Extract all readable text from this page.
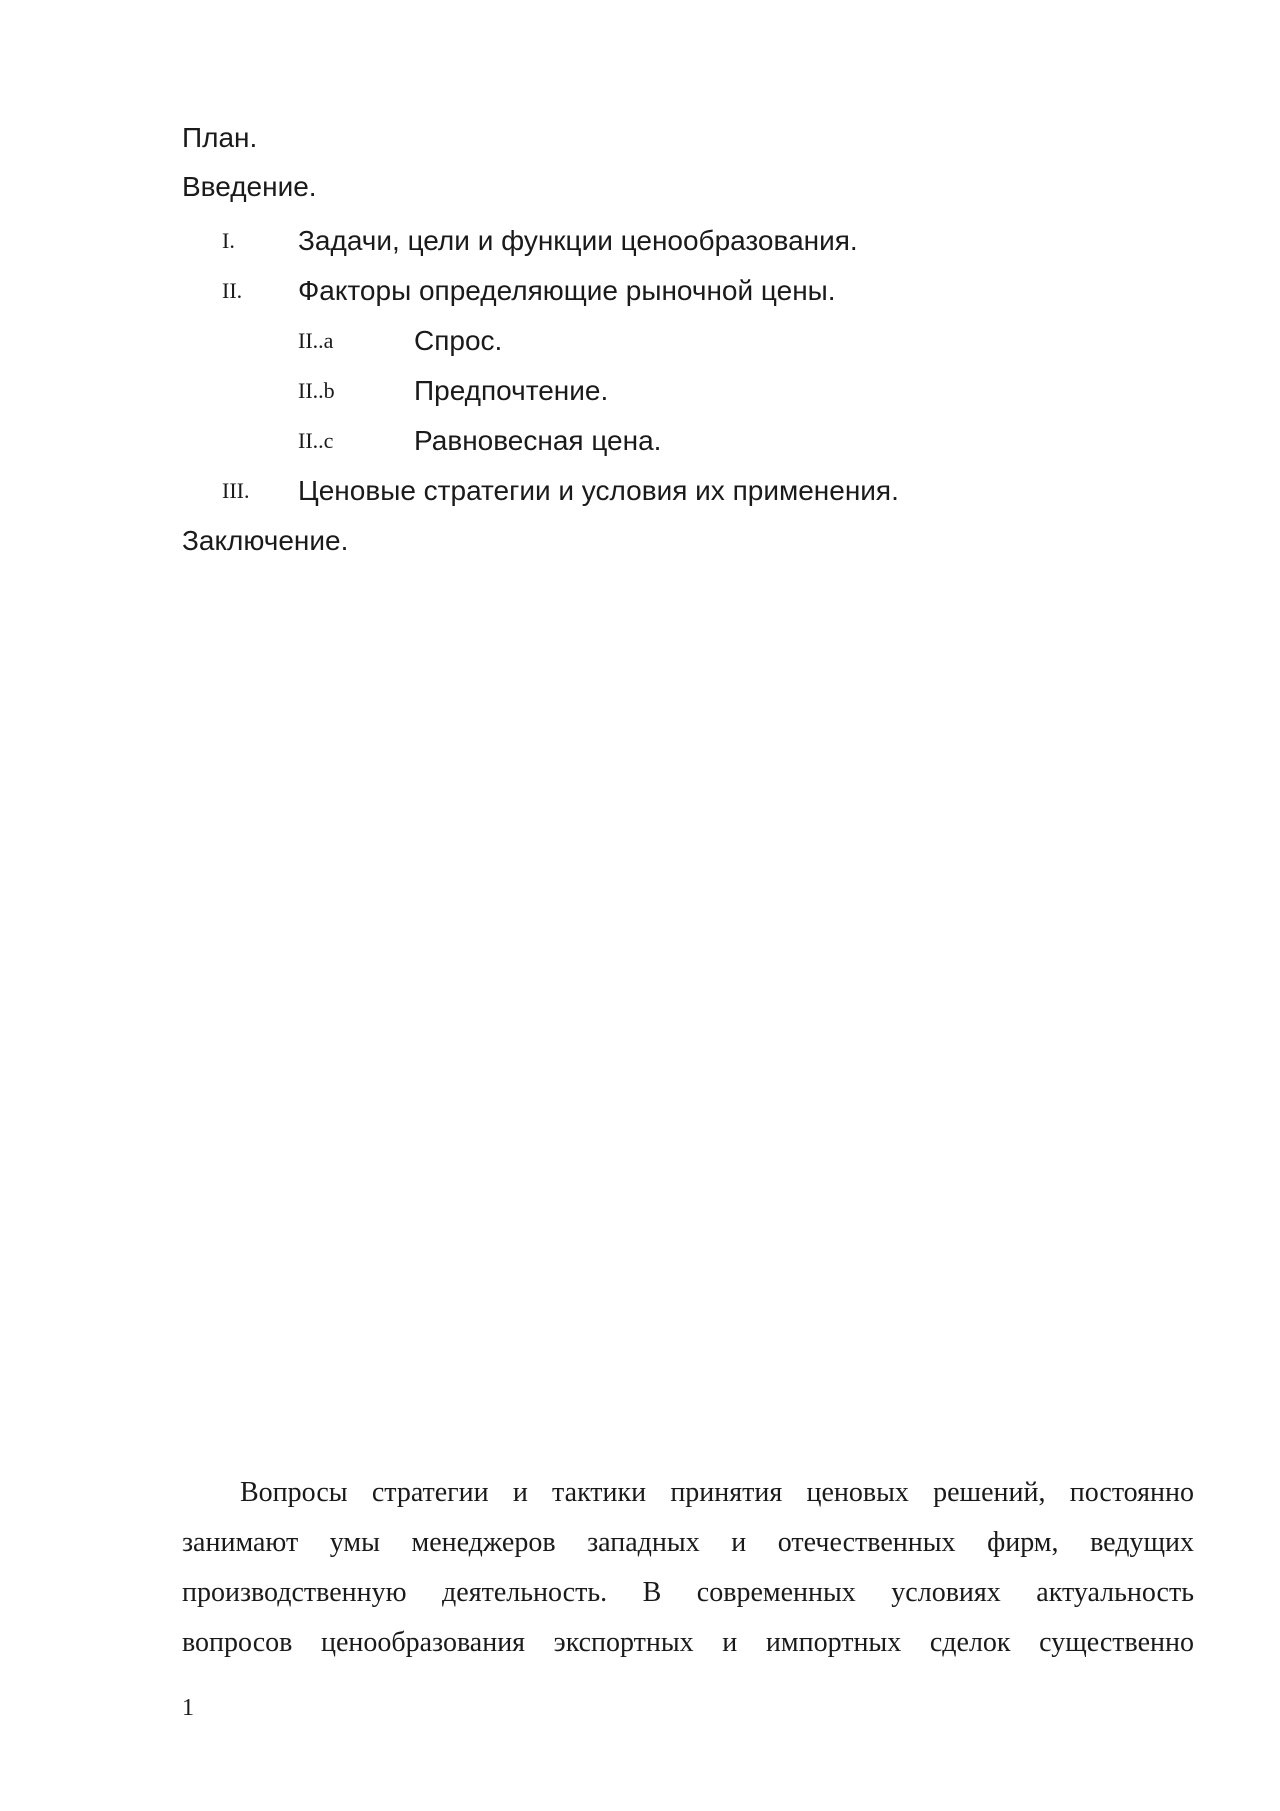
План.
Введение.
I. Задачи, цели и функции ценообразования.
II. Факторы определяющие рыночной цены.
II..a	Спрос.
II..b	Предпочтение.
II..c	Равновесная цена.
III. Ценовые стратегии и условия их применения.
Заключение.
Вопросы стратегии и тактики принятия ценовых решений, постоянно
занимают умы менеджеров западных и отечественных фирм, ведущих
производственную деятельность. В современных условиях актуальность
вопросов ценообразования экспортных и импортных сделок существенно
1
